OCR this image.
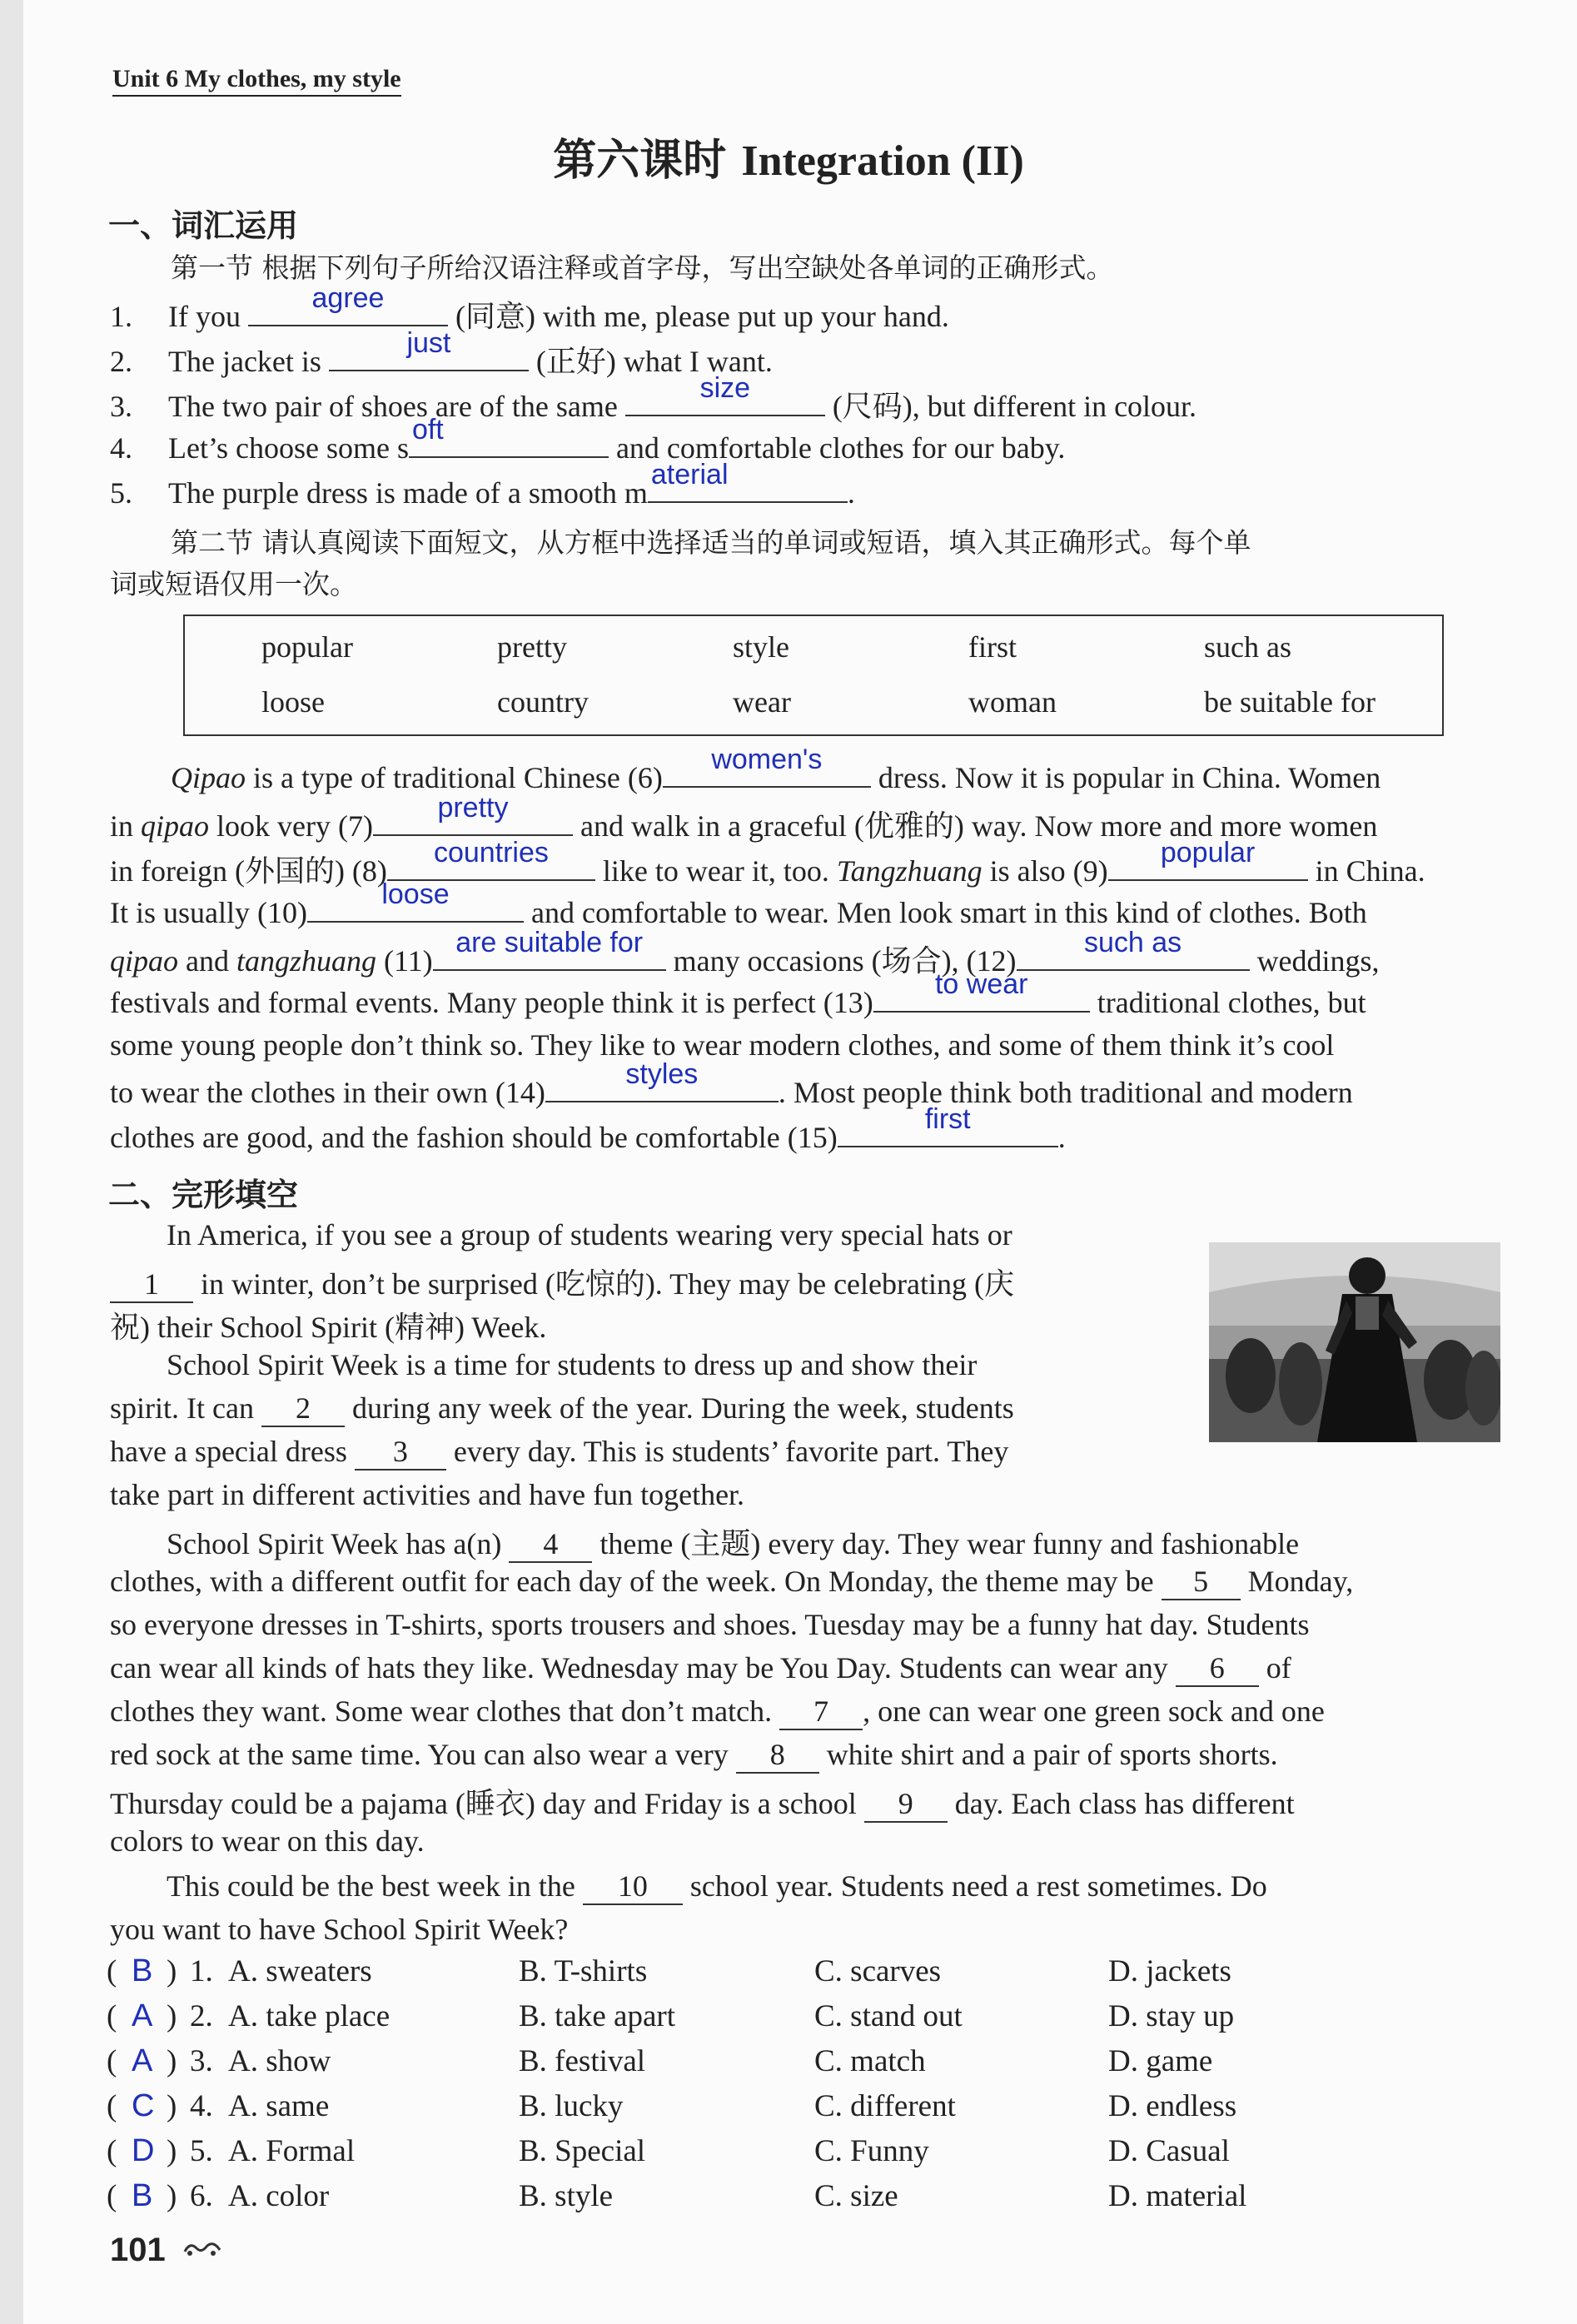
Unit 6 My clothes, my style
第六课时 Integration (II)
一、词汇运用
第一节 根据下列句子所给汉语注释或首字母，写出空缺处各单词的正确形式。
1. If you
agree
(同意) with me, please put up your hand.
2. The jacket is
just
(正好) what I want.
3. The two pair of shoes are of the same
size
(尺码), but different in colour.
4. Let’s choose some s
oft
and comfortable clothes for our baby.
5. The purple dress is made of a smooth m
aterial
.
第二节 请认真阅读下面短文，从方框中选择适当的单词或短语，填入其正确形式。每个单
词或短语仅用一次。
popular	pretty	style	first	such as
loose	country	wear	woman	be suitable for
Qipao is a type of traditional Chinese (6)
women's
dress. Now it is popular in China. Women
in qipao look very (7)
pretty
and walk in a graceful (优雅的) way. Now more and more women
in foreign (外国的) (8)
countries
like to wear it, too. Tangzhuang is also (9)
popular
in China.
It is usually (10)
loose
and comfortable to wear. Men look smart in this kind of clothes. Both
qipao and tangzhuang (11)
are suitable for
many occasions (场合), (12)
such as
weddings,
festivals and formal events. Many people think it is perfect (13)
to wear
traditional clothes, but
some young people don’t think so. They like to wear modern clothes, and some of them think it’s cool
to wear the clothes in their own (14)
styles
. Most people think both traditional and modern
clothes are good, and the fashion should be comfortable (15)
first
.
二、完形填空
In America, if you see a group of students wearing very special hats or
1 in winter, don’t be surprised (吃惊的). They may be celebrating (庆
祝) their School Spirit (精神) Week.
School Spirit Week is a time for students to dress up and show their
spirit. It can 2 during any week of the year. During the week, students
have a special dress 3 every day. This is students’ favorite part. They
take part in different activities and have fun together.
School Spirit Week has a(n) 4 theme (主题) every day. They wear funny and fashionable
clothes, with a different outfit for each day of the week. On Monday, the theme may be 5 Monday,
so everyone dresses in T-shirts, sports trousers and shoes. Tuesday may be a funny hat day. Students
can wear all kinds of hats they like. Wednesday may be You Day. Students can wear any 6 of
clothes they want. Some wear clothes that don’t match. 7 , one can wear one green sock and one
red sock at the same time. You can also wear a very 8 white shirt and a pair of sports shorts.
Thursday could be a pajama (睡衣) day and Friday is a school 9 day. Each class has different
colors to wear on this day.
This could be the best week in the 10 school year. Students need a rest sometimes. Do
you want to have School Spirit Week?
( B ) 1. A. sweaters	B. T-shirts	C. scarves	D. jackets
( A ) 2. A. take place	B. take apart	C. stand out	D. stay up
( A ) 3. A. show	B. festival	C. match	D. game
( C ) 4. A. same	B. lucky	C. different	D. endless
( D ) 5. A. Formal	B. Special	C. Funny	D. Casual
( B ) 6. A. color	B. style	C. size	D. material
101
